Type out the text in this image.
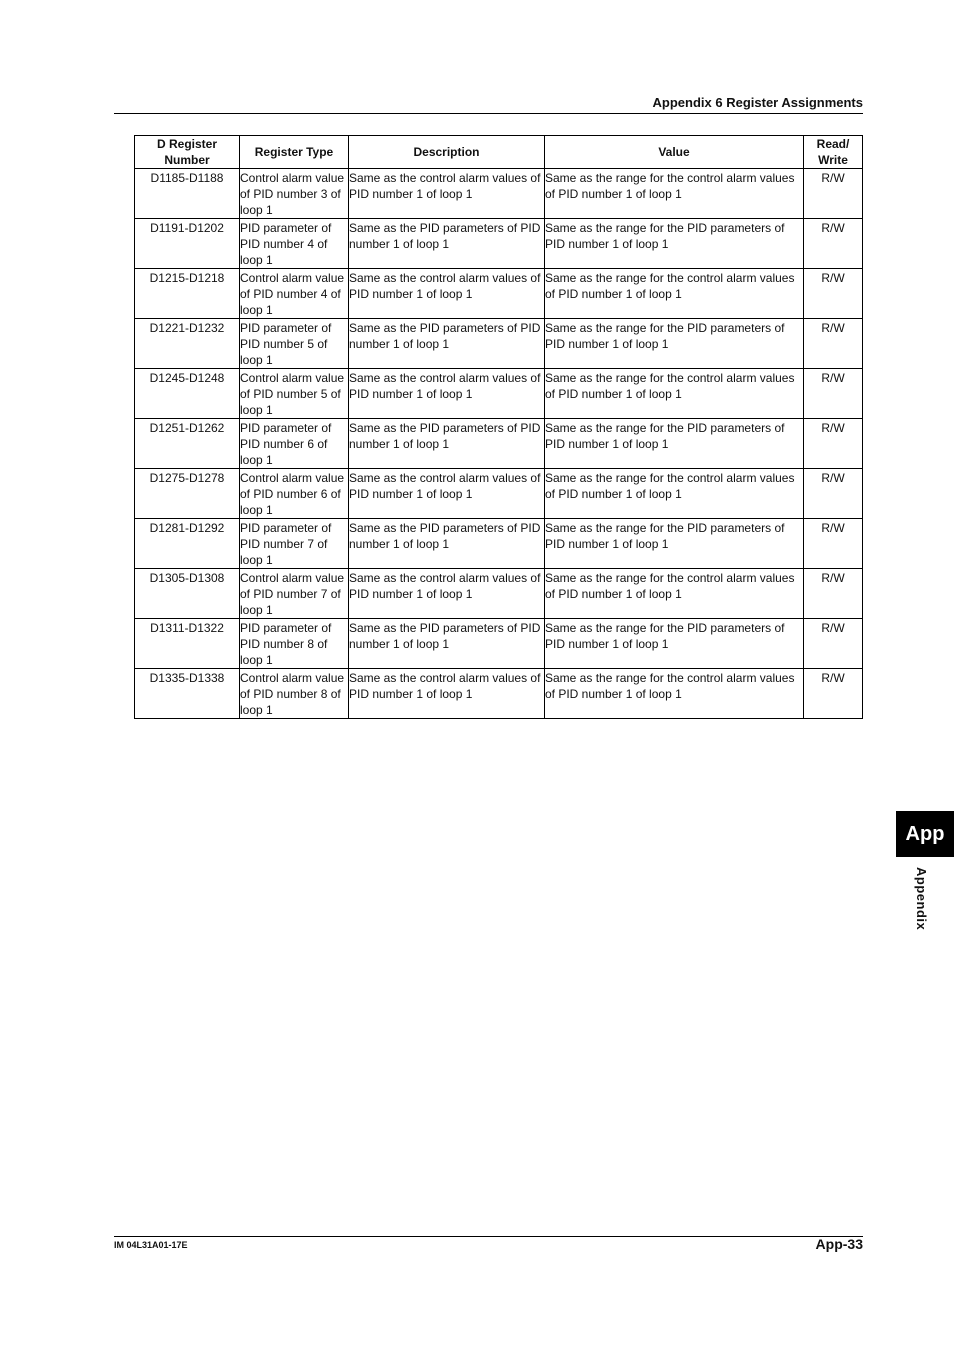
Appendix 6 Register Assignments
D Register
Number	Register Type	Description	Value	Read/
Write

D1185-D1188	Control alarm value of PID number 3 of loop 1	Same as the control alarm values of PID number 1 of loop 1	Same as the range for the control alarm values of PID number 1 of loop 1	R/W

D1191-D1202	PID parameter of PID number 4 of loop 1	Same as the PID parameters of PID number 1 of loop 1	Same as the range for the PID parameters of PID number 1 of loop 1	R/W

D1215-D1218	Control alarm value of PID number 4 of loop 1	Same as the control alarm values of PID number 1 of loop 1	Same as the range for the control alarm values of PID number 1 of loop 1	R/W

D1221-D1232	PID parameter of PID number 5 of loop 1	Same as the PID parameters of PID number 1 of loop 1	Same as the range for the PID parameters of PID number 1 of loop 1	R/W

D1245-D1248	Control alarm value of PID number 5 of loop 1	Same as the control alarm values of PID number 1 of loop 1	Same as the range for the control alarm values of PID number 1 of loop 1	R/W

D1251-D1262	PID parameter of PID number 6 of loop 1	Same as the PID parameters of PID number 1 of loop 1	Same as the range for the PID parameters of PID number 1 of loop 1	R/W

D1275-D1278	Control alarm value of PID number 6 of loop 1	Same as the control alarm values of PID number 1 of loop 1	Same as the range for the control alarm values of PID number 1 of loop 1	R/W

D1281-D1292	PID parameter of PID number 7 of loop 1	Same as the PID parameters of PID number 1 of loop 1	Same as the range for the PID parameters of PID number 1 of loop 1	R/W

D1305-D1308	Control alarm value of PID number 7 of loop 1	Same as the control alarm values of PID number 1 of loop 1	Same as the range for the control alarm values of PID number 1 of loop 1	R/W

D1311-D1322	PID parameter of PID number 8 of loop 1	Same as the PID parameters of PID number 1 of loop 1	Same as the range for the PID parameters of PID number 1 of loop 1	R/W

D1335-D1338	Control alarm value of PID number 8 of loop 1	Same as the control alarm values of PID number 1 of loop 1	Same as the range for the control alarm values of PID number 1 of loop 1	R/W
App
Appendix
IM 04L31A01-17E	App-33
